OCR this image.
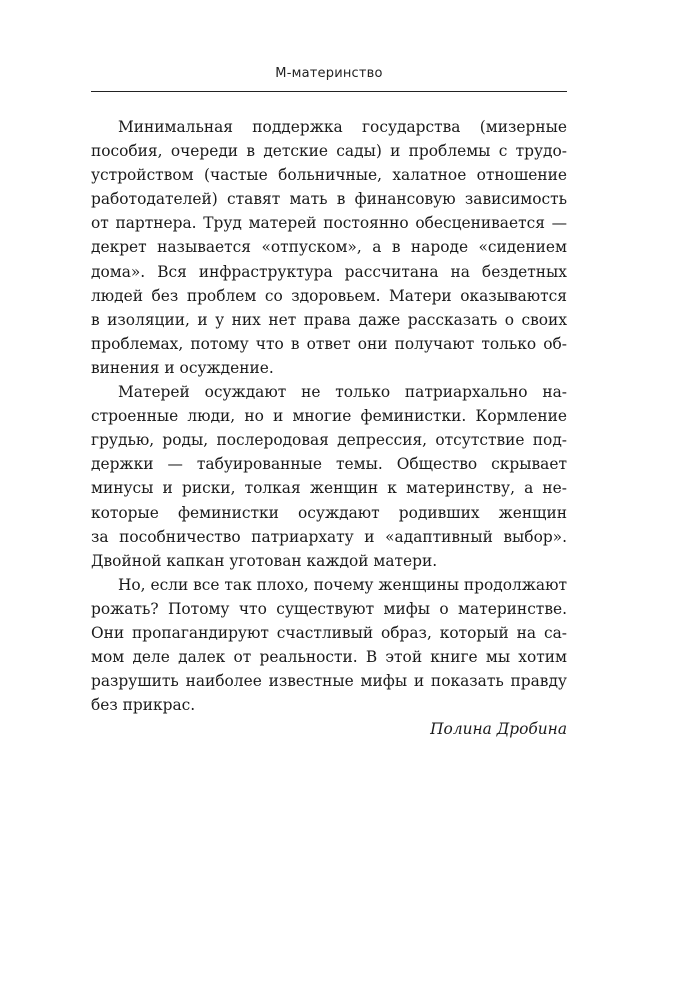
М-материнство
Минимальная поддержка государства (мизерные
пособия, очереди в детские сады) и проблемы с трудо-
устройством (частые больничные, халатное отношение
работодателей) ставят мать в финансовую зависимость
от партнера. Труд матерей постоянно обесценивается —
декрет называется «отпуском», а в народе «сидением
дома». Вся инфраструктура рассчитана на бездетных
людей без проблем со здоровьем. Матери оказываются
в изоляции, и у них нет права даже рассказать о своих
проблемах, потому что в ответ они получают только об-
винения и осуждение.
Матерей осуждают не только патриархально на-
строенные люди, но и многие феминистки. Кормление
грудью, роды, послеродовая депрессия, отсутствие под-
держки — табуированные темы. Общество скрывает
минусы и риски, толкая женщин к материнству, а не-
которые феминистки осуждают родивших женщин
за пособничество патриархату и «адаптивный выбор».
Двойной капкан уготован каждой матери.
Но, если все так плохо, почему женщины продолжают
рожать? Потому что существуют мифы о материнстве.
Они пропагандируют счастливый образ, который на са-
мом деле далек от реальности. В этой книге мы хотим
разрушить наиболее известные мифы и показать правду
без прикрас.
Полина Дробина
